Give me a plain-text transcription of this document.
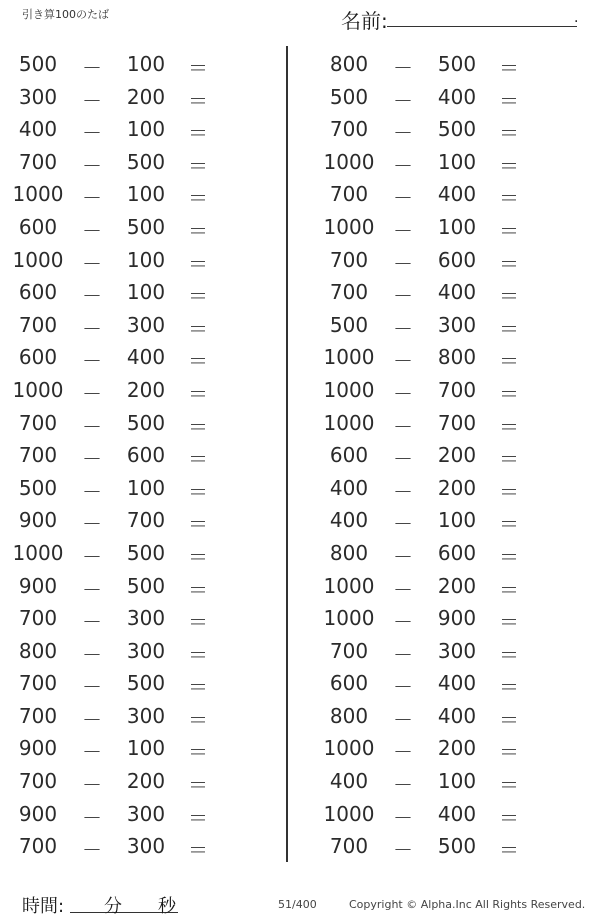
引き算100のたば	名前:	.
500	－	100	＝
300	－	200	＝
400	－	100	＝
700	－	500	＝
1000 －	100	＝
600	－	500	＝
1000 －	100	＝
600	－	100	＝
700	－	300	＝
600	－	400	＝
1000 －	200	＝
700	－	500	＝
700	－	600	＝
500	－	100	＝
900	－	700	＝
1000 －	500	＝
900	－	500	＝
700	－	300	＝
800	－	300	＝
700	－	500	＝
700	－	300	＝
900	－	100	＝
700	－	200	＝
900	－	300	＝
700	－	300	＝
800	－	500	＝
500	－	400	＝
700	－	500	＝
1000 －	100	＝
700	－	400	＝
1000 －	100	＝
700	－	600	＝
700	－	400	＝
500	－	300	＝
1000 －	800	＝
1000 －	700	＝
1000 －	700	＝
600	－	200	＝
400	－	200	＝
400	－	100	＝
800	－	600	＝
1000 －	200	＝
1000 －	900	＝
700	－	300	＝
600	－	400	＝
800	－	400	＝
1000 －	200	＝
400	－	100	＝
1000 －	400	＝
700	－	500	＝
時間: 分 秒	51/400	Copyright © Alpha.Inc All Rights Reserved.
